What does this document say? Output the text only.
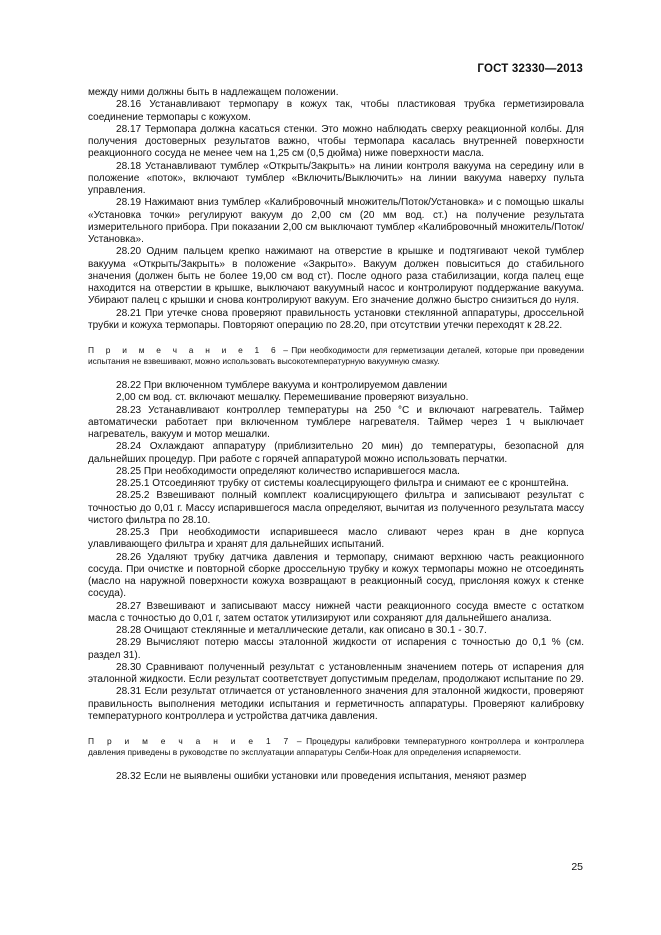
ГОСТ 32330—2013

между ними должны быть в надлежащем положении.

28.16 Устанавливают термопару в кожух так, чтобы пластиковая трубка герметизировала соединение термопары с кожухом.

28.17 Термопара должна касаться стенки. Это можно наблюдать сверху реакционной колбы. Для получения достоверных результатов важно, чтобы термопара касалась внутренней поверхности реакционного сосуда не менее чем на 1,25 см (0,5 дюйма) ниже поверхности масла.

28.18 Устанавливают тумблер «Открыть/Закрыть» на линии контроля вакуума на середину или в положение «поток», включают тумблер «Включить/Выключить» на линии вакуума наверху пульта управления.

28.19 Нажимают вниз тумблер «Калибровочный множитель/Поток/Установка» и с помощью шкалы «Установка точки» регулируют вакуум до 2,00 см (20 мм вод. ст.) на получение результата измерительного прибора. При показании 2,00 см выключают тумблер «Калибровочный множитель/Поток/Установка».

28.20 Одним пальцем крепко нажимают на отверстие в крышке и подтягивают чекой тумблер вакуума «Открыть/Закрыть» в положение «Закрыто». Вакуум должен повыситься до стабильного значения (должен быть не более 19,00 см вод ст). После одного раза стабилизации, когда палец еще находится на отверстии в крышке, выключают вакуумный насос и контролируют поддержание вакуума. Убирают палец с крышки и снова контролируют вакуум. Его значение должно быстро снизиться до нуля.

28.21 При утечке снова проверяют правильность установки стеклянной аппаратуры, дроссельной трубки и кожуха термопары. Повторяют операцию по 28.20, при отсутствии утечки переходят к 28.22.

П р и м е ч а н и е 1 6 – При необходимости для герметизации деталей, которые при проведении испытания не взвешивают, можно использовать высокотемпературную вакуумную смазку.

28.22 При включенном тумблере вакуума и контролируемом давлении

2,00 см вод. ст. включают мешалку. Перемешивание проверяют визуально.

28.23 Устанавливают контроллер температуры на 250 °С и включают нагреватель. Таймер автоматически работает при включенном тумблере нагревателя. Таймер через 1 ч выключает нагреватель, вакуум и мотор мешалки.

28.24 Охлаждают аппаратуру (приблизительно 20 мин) до температуры, безопасной для дальнейших процедур. При работе с горячей аппаратурой можно использовать перчатки.

28.25 При необходимости определяют количество испарившегося масла.

28.25.1 Отсоединяют трубку от системы коалесцирующего фильтра и снимают ее с кронштейна.

28.25.2 Взвешивают полный комплект коалисцирующего фильтра и записывают результат с точностью до 0,01 г. Массу испарившегося масла определяют, вычитая из полученного результата массу чистого фильтра по 28.10.

28.25.3 При необходимости испарившееся масло сливают через кран в дне корпуса улавливающего фильтра и хранят для дальнейших испытаний.

28.26 Удаляют трубку датчика давления и термопару, снимают верхнюю часть реакционного сосуда. При очистке и повторной сборке дроссельную трубку и кожух термопары можно не отсоединять (масло на наружной поверхности кожуха возвращают в реакционный сосуд, прислоняя кожух к стенке сосуда).

28.27 Взвешивают и записывают массу нижней части реакционного сосуда вместе с остатком масла с точностью до 0,01 г, затем остаток утилизируют или сохраняют для дальнейшего анализа.

28.28 Очищают стеклянные и металлические детали, как описано в 30.1 - 30.7.

28.29 Вычисляют потерю массы эталонной жидкости от испарения с точностью до 0,1 % (см. раздел 31).

28.30 Сравнивают полученный результат с установленным значением потерь от испарения для эталонной жидкости. Если результат соответствует допустимым пределам, продолжают испытание по 29.

28.31 Если результат отличается от установленного значения для эталонной жидкости, проверяют правильность выполнения методики испытания и герметичность аппаратуры. Проверяют калибровку температурного контроллера и устройства датчика давления.

П р и м е ч а н и е 1 7 – Процедуры калибровки температурного контроллера и контроллера давления приведены в руководстве по эксплуатации аппаратуры Селби-Ноак для определения испаряемости.

28.32 Если не выявлены ошибки установки или проведения испытания, меняют размер

25
